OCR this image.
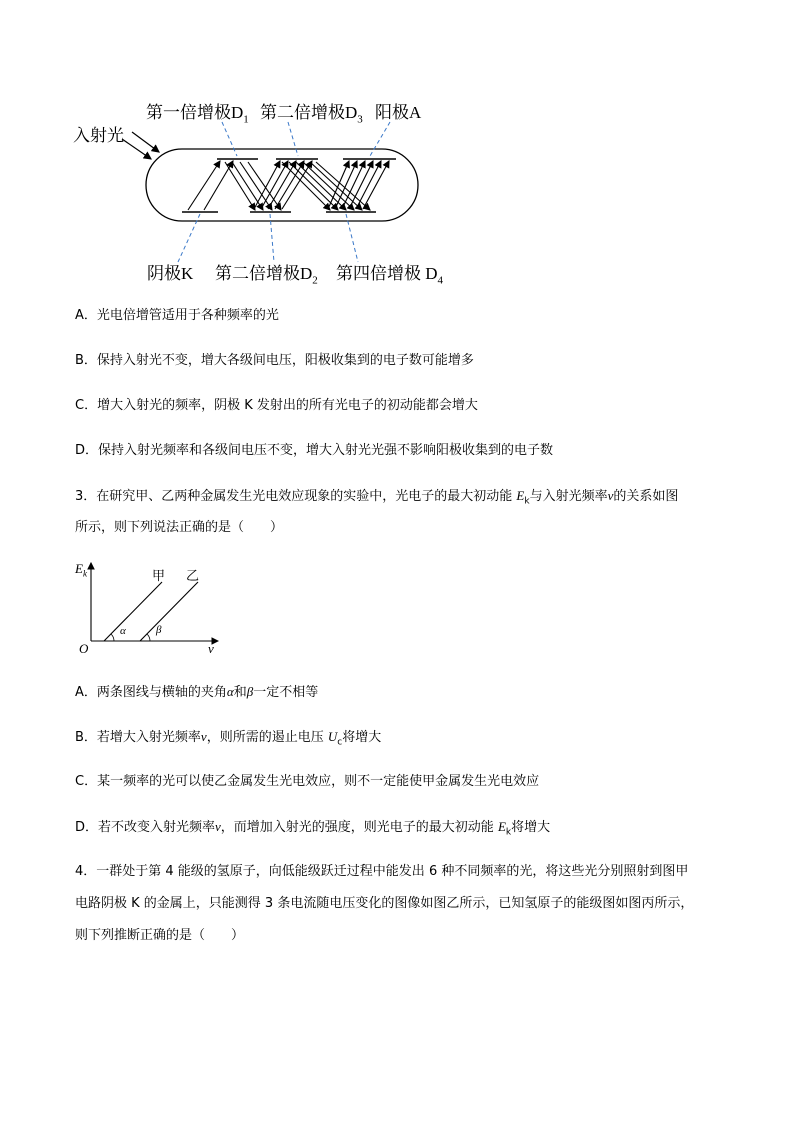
第一倍增极$D_1$ 第二倍增极$D_3$ 阳极A
入射光
阴极K 第二倍增极$D_2$ 第四倍增极 $D_4$
A．光电倍增管适用于各种频率的光
B．保持入射光不变，增大各级间电压，阳极收集到的电子数可能增多
C．增大入射光的频率，阴极 K 发射出的所有光电子的初动能都会增大
D．保持入射光频率和各级间电压不变，增大入射光光强不影响阳极收集到的电子数
3．在研究甲、乙两种金属发生光电效应现象的实验中，光电子的最大初动能 $E_k$与入射光频率ν的关系如图
所示，则下列说法正确的是（　　）
$E_k$
O	ν
甲 乙
α	β
A．两条图线与横轴的夹角α和β一定不相等
B．若增大入射光频率ν，则所需的遏止电压 $U_c$将增大
C．某一频率的光可以使乙金属发生光电效应，则不一定能使甲金属发生光电效应
D．若不改变入射光频率ν，而增加入射光的强度，则光电子的最大初动能 $E_k$将增大
4．一群处于第 4 能级的氢原子，向低能级跃迁过程中能发出 6 种不同频率的光，将这些光分别照射到图甲
电路阴极 K 的金属上，只能测得 3 条电流随电压变化的图像如图乙所示，已知氢原子的能级图如图丙所示，
则下列推断正确的是（　　）
